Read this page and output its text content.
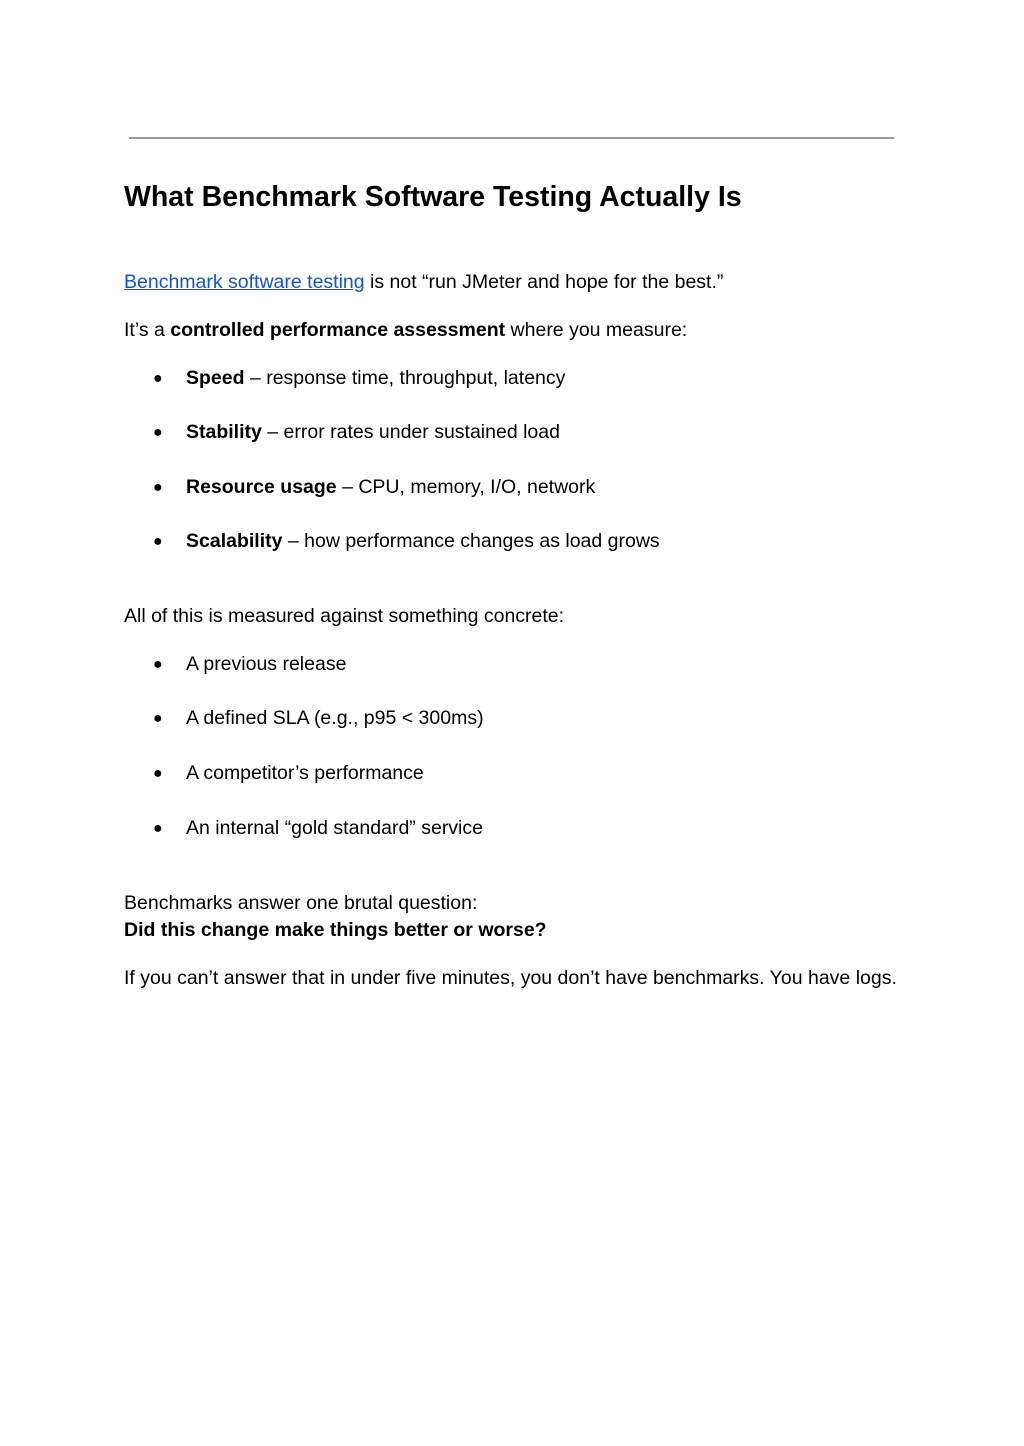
What Benchmark Software Testing Actually Is

Benchmark software testing is not “run JMeter and hope for the best.”

It’s a controlled performance assessment where you measure:

● Speed – response time, throughput, latency
● Stability – error rates under sustained load
● Resource usage – CPU, memory, I/O, network
● Scalability – how performance changes as load grows

All of this is measured against something concrete:

● A previous release
● A defined SLA (e.g., p95 < 300ms)
● A competitor’s performance
● An internal “gold standard” service

Benchmarks answer one brutal question:

Did this change make things better or worse?

If you can’t answer that in under five minutes, you don’t have benchmarks. You have logs.
